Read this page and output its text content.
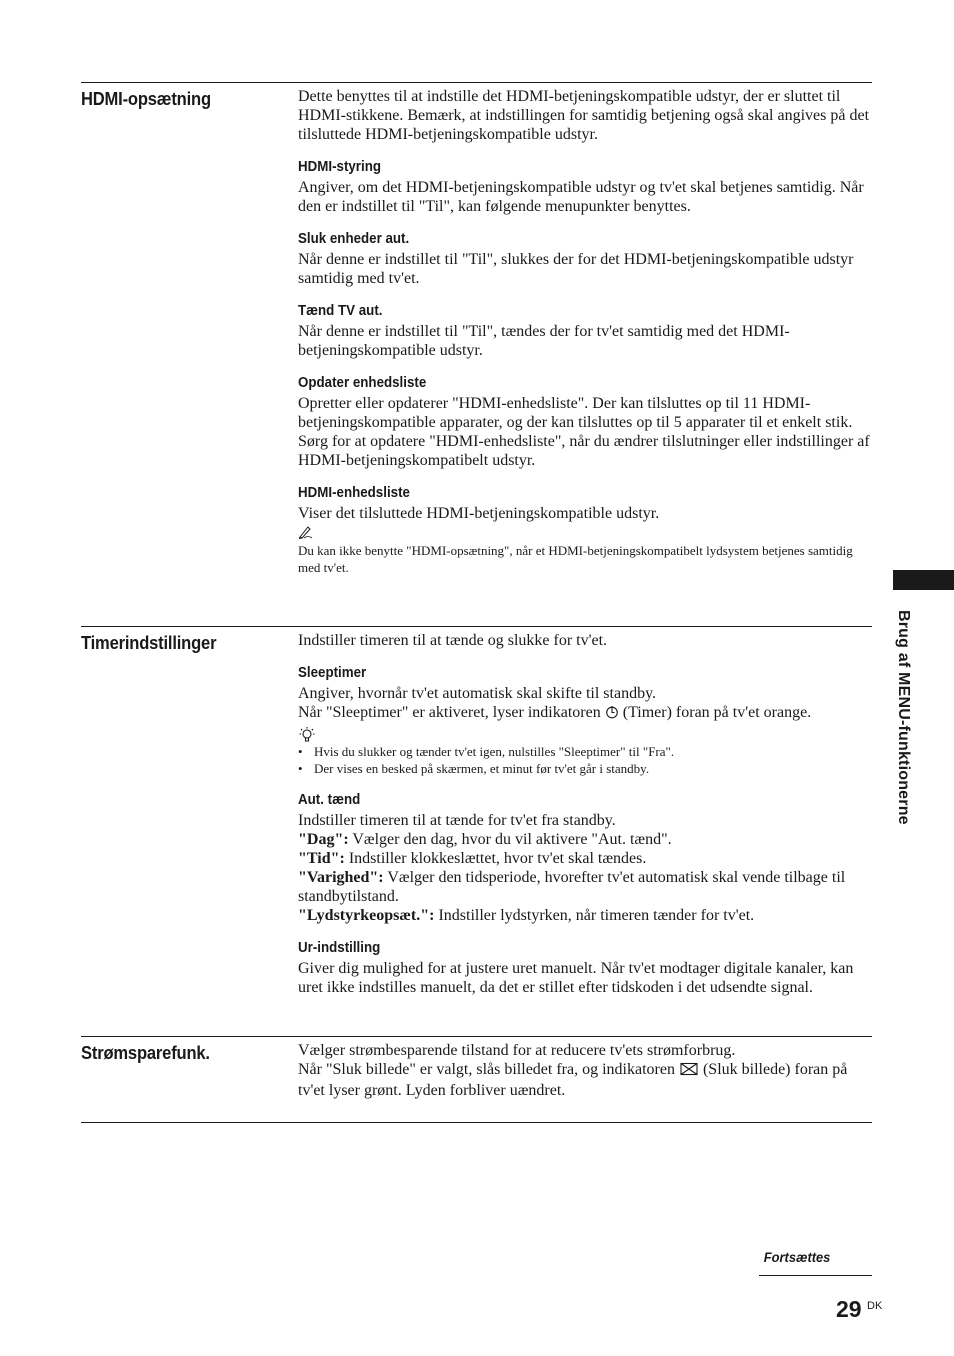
HDMI-opsætning	Dette benyttes til at indstille det HDMI-betjeningskompatible udstyr, der er sluttet til HDMI-stikkene. Bemærk, at indstillingen for samtidig betjening også skal angives på det tilsluttede HDMI-betjeningskompatible udstyr.

HDMI-styring

Angiver, om det HDMI-betjeningskompatible udstyr og tv'et skal betjenes samtidig. Når den er indstillet til "Til", kan følgende menupunkter benyttes.

Sluk enheder aut.

Når denne er indstillet til "Til", slukkes der for det HDMI-betjeningskompatible udstyr samtidig med tv'et.

Tænd TV aut.

Når denne er indstillet til "Til", tændes der for tv'et samtidig med det HDMI-betjeningskompatible udstyr.

Opdater enhedsliste

Opretter eller opdaterer "HDMI-enhedsliste". Der kan tilsluttes op til 11 HDMI-betjeningskompatible apparater, og der kan tilsluttes op til 5 apparater til et enkelt stik. Sørg for at opdatere "HDMI-enhedsliste", når du ændrer tilslutninger eller indstillinger af HDMI-betjeningskompatibelt udstyr.

HDMI-enhedsliste

Viser det tilsluttede HDMI-betjeningskompatible udstyr.

Du kan ikke benytte "HDMI-opsætning", når et HDMI-betjeningskompatibelt lydsystem betjenes samtidig med tv'et.

Timerindstillinger	Indstiller timeren til at tænde og slukke for tv'et.

Sleeptimer

Angiver, hvornår tv'et automatisk skal skifte til standby.

Når "Sleeptimer" er aktiveret, lyser indikatoren (Timer) foran på tv'et orange.

• Hvis du slukker og tænder tv'et igen, nulstilles "Sleeptimer" til "Fra".
• Der vises en besked på skærmen, et minut før tv'et går i standby.
Aut. tænd

Indstiller timeren til at tænde for tv'et fra standby.

"Dag": Vælger den dag, hvor du vil aktivere "Aut. tænd".

"Tid": Indstiller klokkeslættet, hvor tv'et skal tændes.

"Varighed": Vælger den tidsperiode, hvorefter tv'et automatisk skal vende tilbage til standbytilstand.

"Lydstyrkeopsæt.": Indstiller lydstyrken, når timeren tænder for tv'et.

Ur-indstilling

Giver dig mulighed for at justere uret manuelt. Når tv'et modtager digitale kanaler, kan uret ikke indstilles manuelt, da det er stillet efter tidskoden i det udsendte signal.

Strømsparefunk.	Vælger strømbesparende tilstand for at reducere tv'ets strømforbrug.

Når "Sluk billede" er valgt, slås billedet fra, og indikatoren (Sluk billede) foran på tv'et lyser grønt. Lyden forbliver uændret.

Brug af MENU-funktionerne
Fortsættes
29 DK
